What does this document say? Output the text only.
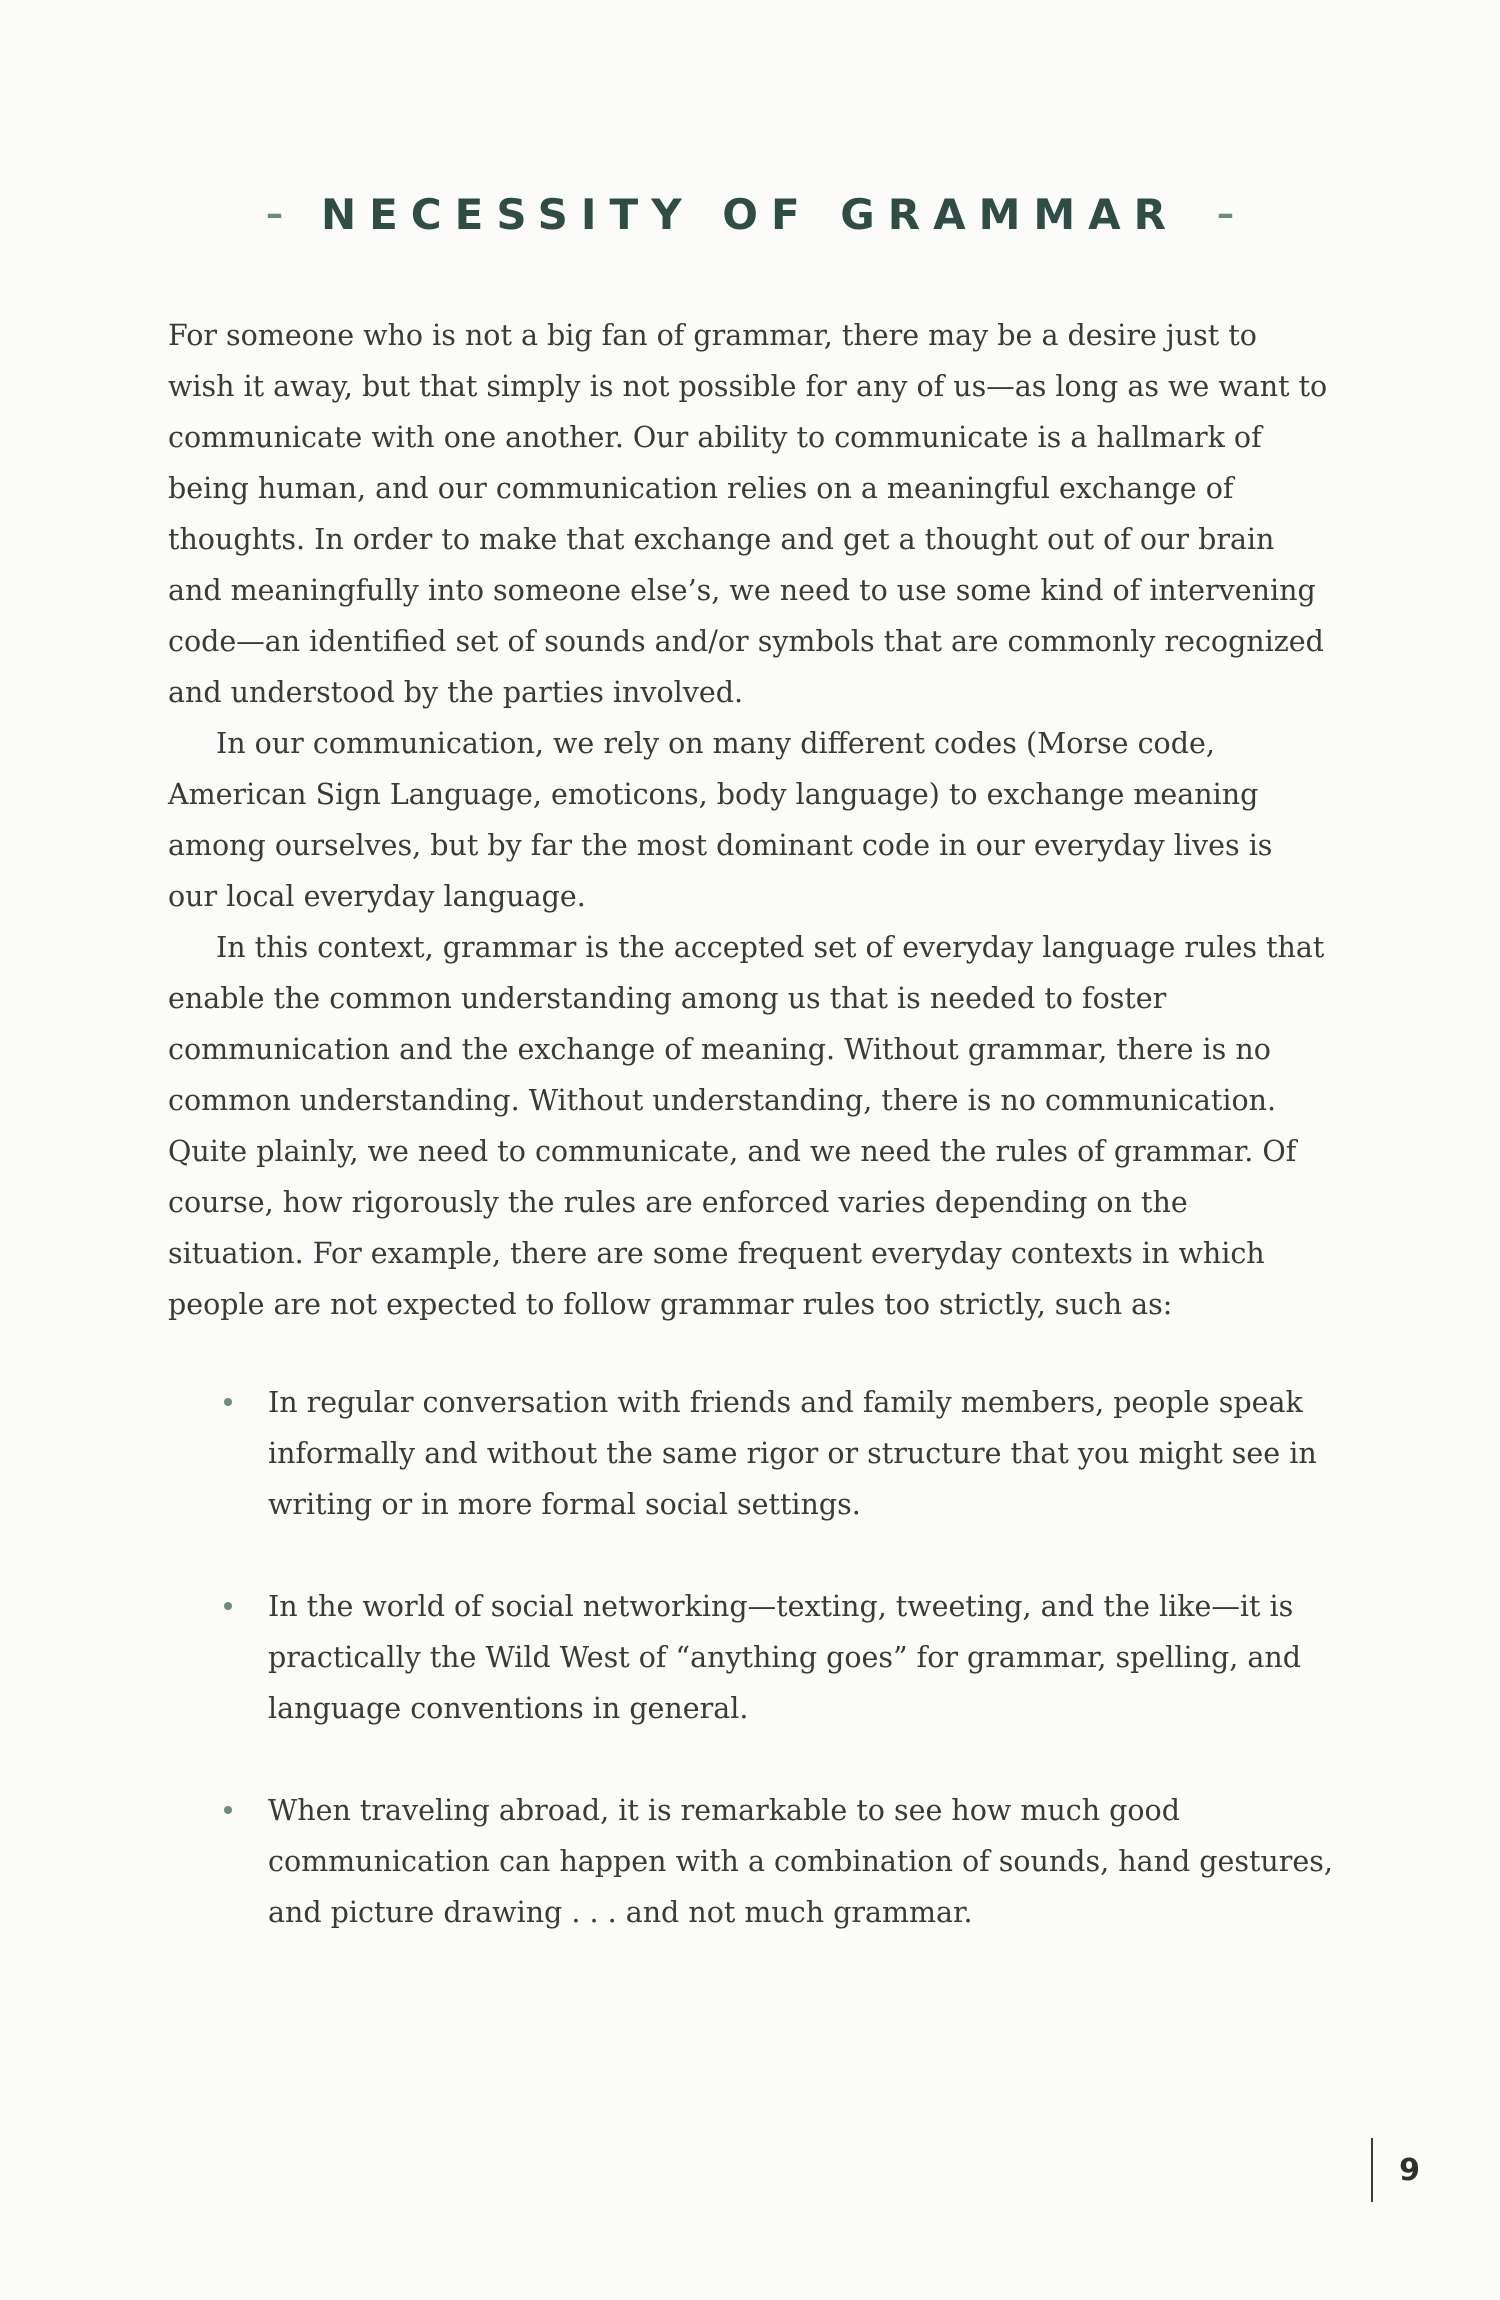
– NECESSITY OF GRAMMAR –

For someone who is not a big fan of grammar, there may be a desire just to wish it away, but that simply is not possible for any of us—as long as we want to communicate with one another. Our ability to communicate is a hallmark of being human, and our communication relies on a meaningful exchange of thoughts. In order to make that exchange and get a thought out of our brain and meaningfully into someone else’s, we need to use some kind of intervening code—an identified set of sounds and/or symbols that are commonly recognized and understood by the parties involved.

In our communication, we rely on many different codes (Morse code, American Sign Language, emoticons, body language) to exchange meaning among ourselves, but by far the most dominant code in our everyday lives is our local everyday language.

In this context, grammar is the accepted set of everyday language rules that enable the common understanding among us that is needed to foster communication and the exchange of meaning. Without grammar, there is no common understanding. Without understanding, there is no communication. Quite plainly, we need to communicate, and we need the rules of grammar. Of course, how rigorously the rules are enforced varies depending on the situation. For example, there are some frequent everyday contexts in which people are not expected to follow grammar rules too strictly, such as:

In regular conversation with friends and family members, people speak informally and without the same rigor or structure that you might see in writing or in more formal social settings.
In the world of social networking—texting, tweeting, and the like—it is practically the Wild West of “anything goes” for grammar, spelling, and language conventions in general.
When traveling abroad, it is remarkable to see how much good communication can happen with a combination of sounds, hand gestures, and picture drawing . . . and not much grammar.
9
